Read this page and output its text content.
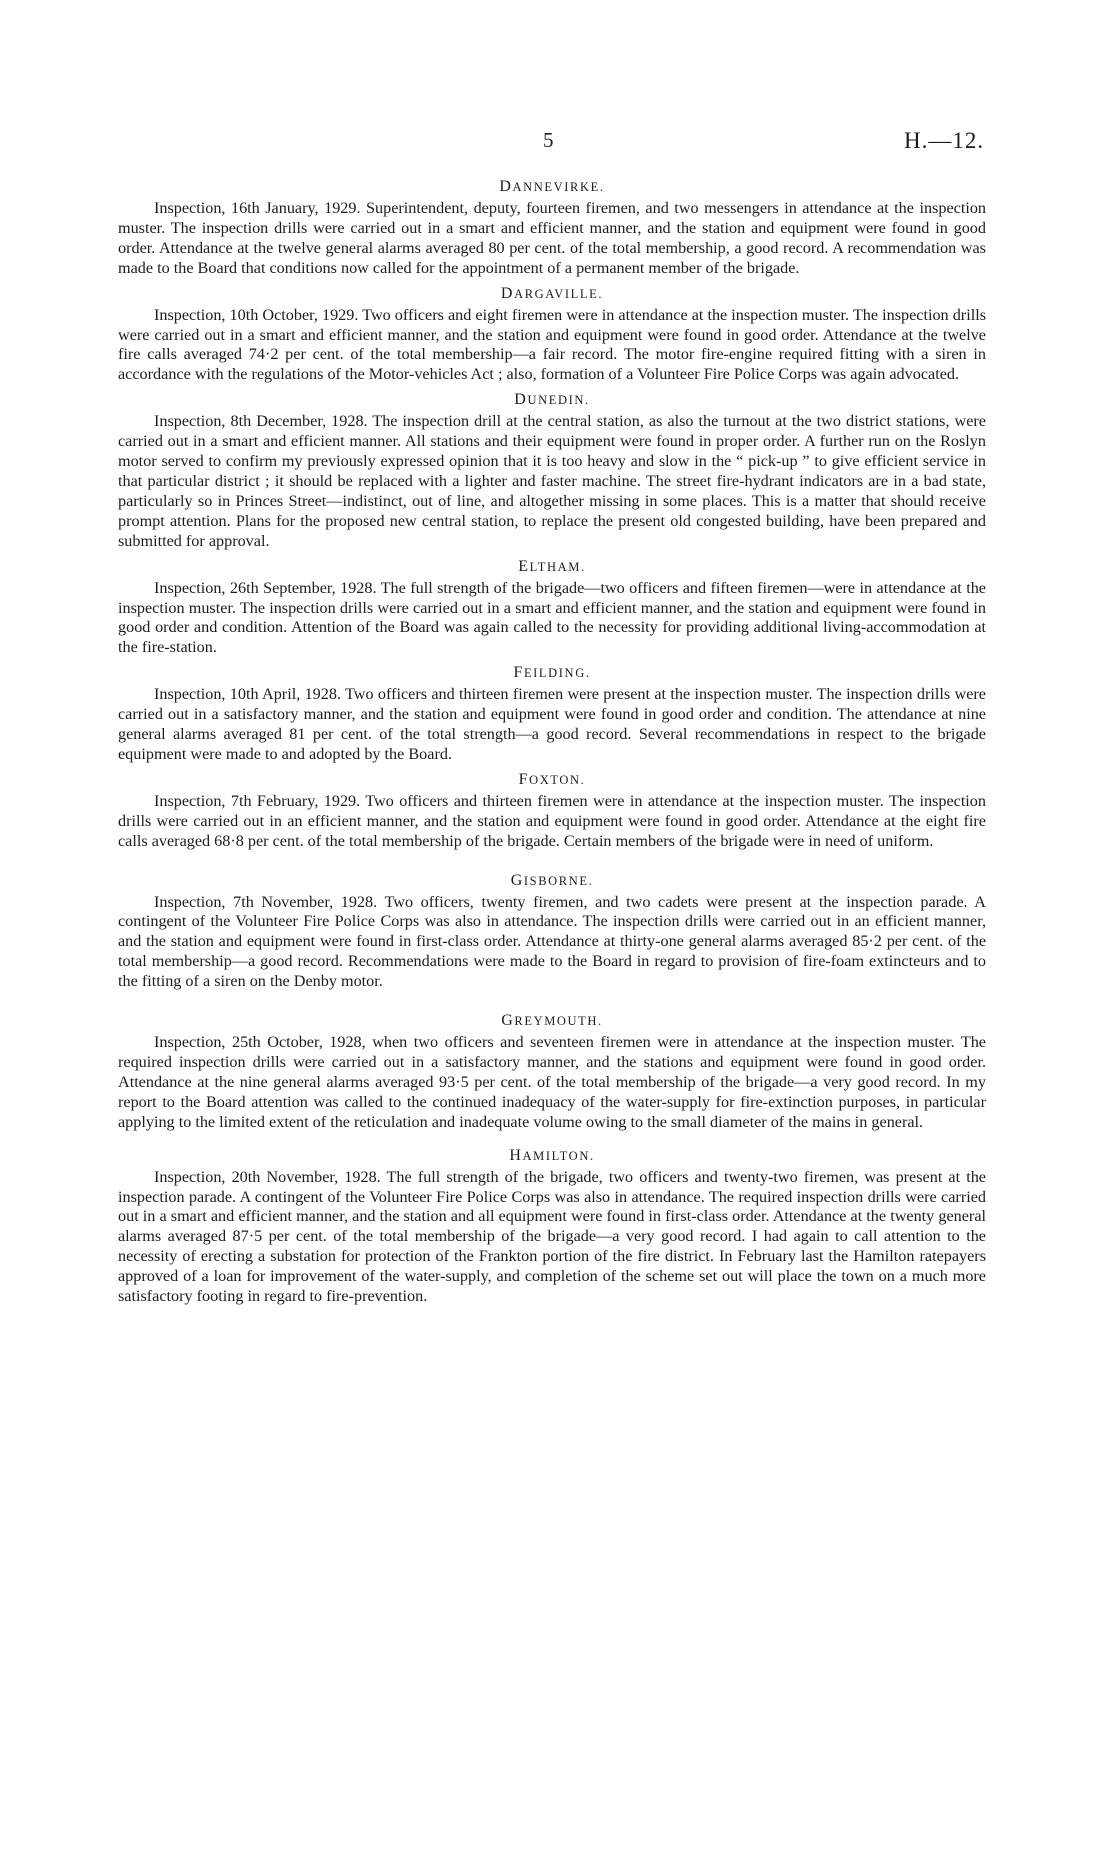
5	H.—12.
DANNEVIRKE.

Inspection, 16th January, 1929. Superintendent, deputy, fourteen firemen, and two messengers in attendance at the inspection muster. The inspection drills were carried out in a smart and efficient manner, and the station and equipment were found in good order. Attendance at the twelve general alarms averaged 80 per cent. of the total membership, a good record. A recommendation was made to the Board that conditions now called for the appointment of a permanent member of the brigade.

DARGAVILLE.

Inspection, 10th October, 1929. Two officers and eight firemen were in attendance at the inspection muster. The inspection drills were carried out in a smart and efficient manner, and the station and equipment were found in good order. Attendance at the twelve fire calls averaged 74·2 per cent. of the total membership—a fair record. The motor fire-engine required fitting with a siren in accordance with the regulations of the Motor-vehicles Act ; also, formation of a Volunteer Fire Police Corps was again advocated.

DUNEDIN.

Inspection, 8th December, 1928. The inspection drill at the central station, as also the turnout at the two district stations, were carried out in a smart and efficient manner. All stations and their equipment were found in proper order. A further run on the Roslyn motor served to confirm my previously expressed opinion that it is too heavy and slow in the “ pick-up ” to give efficient service in that particular district ; it should be replaced with a lighter and faster machine. The street fire-hydrant indicators are in a bad state, particularly so in Princes Street—indistinct, out of line, and altogether missing in some places. This is a matter that should receive prompt attention. Plans for the proposed new central station, to replace the present old congested building, have been prepared and submitted for approval.

ELTHAM.

Inspection, 26th September, 1928. The full strength of the brigade—two officers and fifteen firemen—were in attendance at the inspection muster. The inspection drills were carried out in a smart and efficient manner, and the station and equipment were found in good order and condition. Attention of the Board was again called to the necessity for providing additional living-accommodation at the fire-station.

FEILDING.

Inspection, 10th April, 1928. Two officers and thirteen firemen were present at the inspection muster. The inspection drills were carried out in a satisfactory manner, and the station and equipment were found in good order and condition. The attendance at nine general alarms averaged 81 per cent. of the total strength—a good record. Several recommendations in respect to the brigade equipment were made to and adopted by the Board.

FOXTON.

Inspection, 7th February, 1929. Two officers and thirteen firemen were in attendance at the inspection muster. The inspection drills were carried out in an efficient manner, and the station and equipment were found in good order. Attendance at the eight fire calls averaged 68·8 per cent. of the total membership of the brigade. Certain members of the brigade were in need of uniform.

GISBORNE.

Inspection, 7th November, 1928. Two officers, twenty firemen, and two cadets were present at the inspection parade. A contingent of the Volunteer Fire Police Corps was also in attendance. The inspection drills were carried out in an efficient manner, and the station and equipment were found in first-class order. Attendance at thirty-one general alarms averaged 85·2 per cent. of the total membership—a good record. Recommendations were made to the Board in regard to provision of fire-foam extincteurs and to the fitting of a siren on the Denby motor.

GREYMOUTH.

Inspection, 25th October, 1928, when two officers and seventeen firemen were in attendance at the inspection muster. The required inspection drills were carried out in a satisfactory manner, and the stations and equipment were found in good order. Attendance at the nine general alarms averaged 93·5 per cent. of the total membership of the brigade—a very good record. In my report to the Board attention was called to the continued inadequacy of the water-supply for fire-extinction purposes, in particular applying to the limited extent of the reticulation and inadequate volume owing to the small diameter of the mains in general.

HAMILTON.

Inspection, 20th November, 1928. The full strength of the brigade, two officers and twenty-two firemen, was present at the inspection parade. A contingent of the Volunteer Fire Police Corps was also in attendance. The required inspection drills were carried out in a smart and efficient manner, and the station and all equipment were found in first-class order. Attendance at the twenty general alarms averaged 87·5 per cent. of the total membership of the brigade—a very good record. I had again to call attention to the necessity of erecting a substation for protection of the Frankton portion of the fire district. In February last the Hamilton ratepayers approved of a loan for improvement of the water-supply, and completion of the scheme set out will place the town on a much more satisfactory footing in regard to fire-prevention.
